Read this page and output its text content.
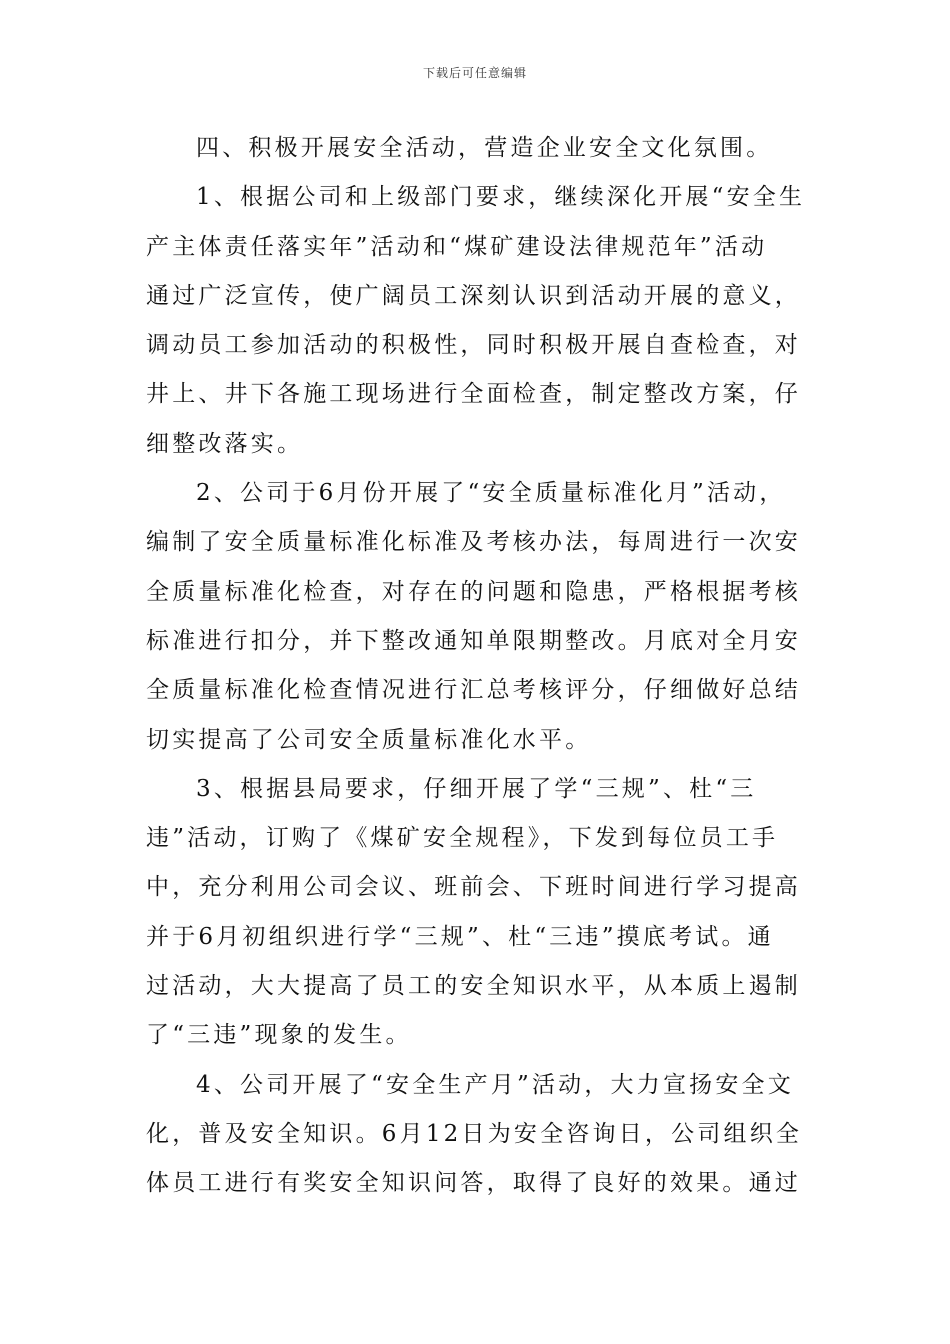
下载后可任意编辑
四、积极开展安全活动，营造企业安全文化氛围。
1、根据公司和上级部门要求，继续深化开展“安全生
产主体责任落实年”活动和“煤矿建设法律规范年”活动
通过广泛宣传，使广阔员工深刻认识到活动开展的意义，
调动员工参加活动的积极性，同时积极开展自查检查，对
井上、井下各施工现场进行全面检查，制定整改方案，仔
细整改落实。
2、公司于6月份开展了“安全质量标准化月”活动，
编制了安全质量标准化标准及考核办法，每周进行一次安
全质量标准化检查，对存在的问题和隐患，严格根据考核
标准进行扣分，并下整改通知单限期整改。月底对全月安
全质量标准化检查情况进行汇总考核评分，仔细做好总结
切实提高了公司安全质量标准化水平。
3、根据县局要求，仔细开展了学“三规”、杜“三
违”活动，订购了《煤矿安全规程》，下发到每位员工手
中，充分利用公司会议、班前会、下班时间进行学习提高
并于6月初组织进行学“三规”、杜“三违”摸底考试。通
过活动，大大提高了员工的安全知识水平，从本质上遏制
了“三违”现象的发生。
4、公司开展了“安全生产月”活动，大力宣扬安全文
化，普及安全知识。6月12日为安全咨询日，公司组织全
体员工进行有奖安全知识问答，取得了良好的效果。通过
